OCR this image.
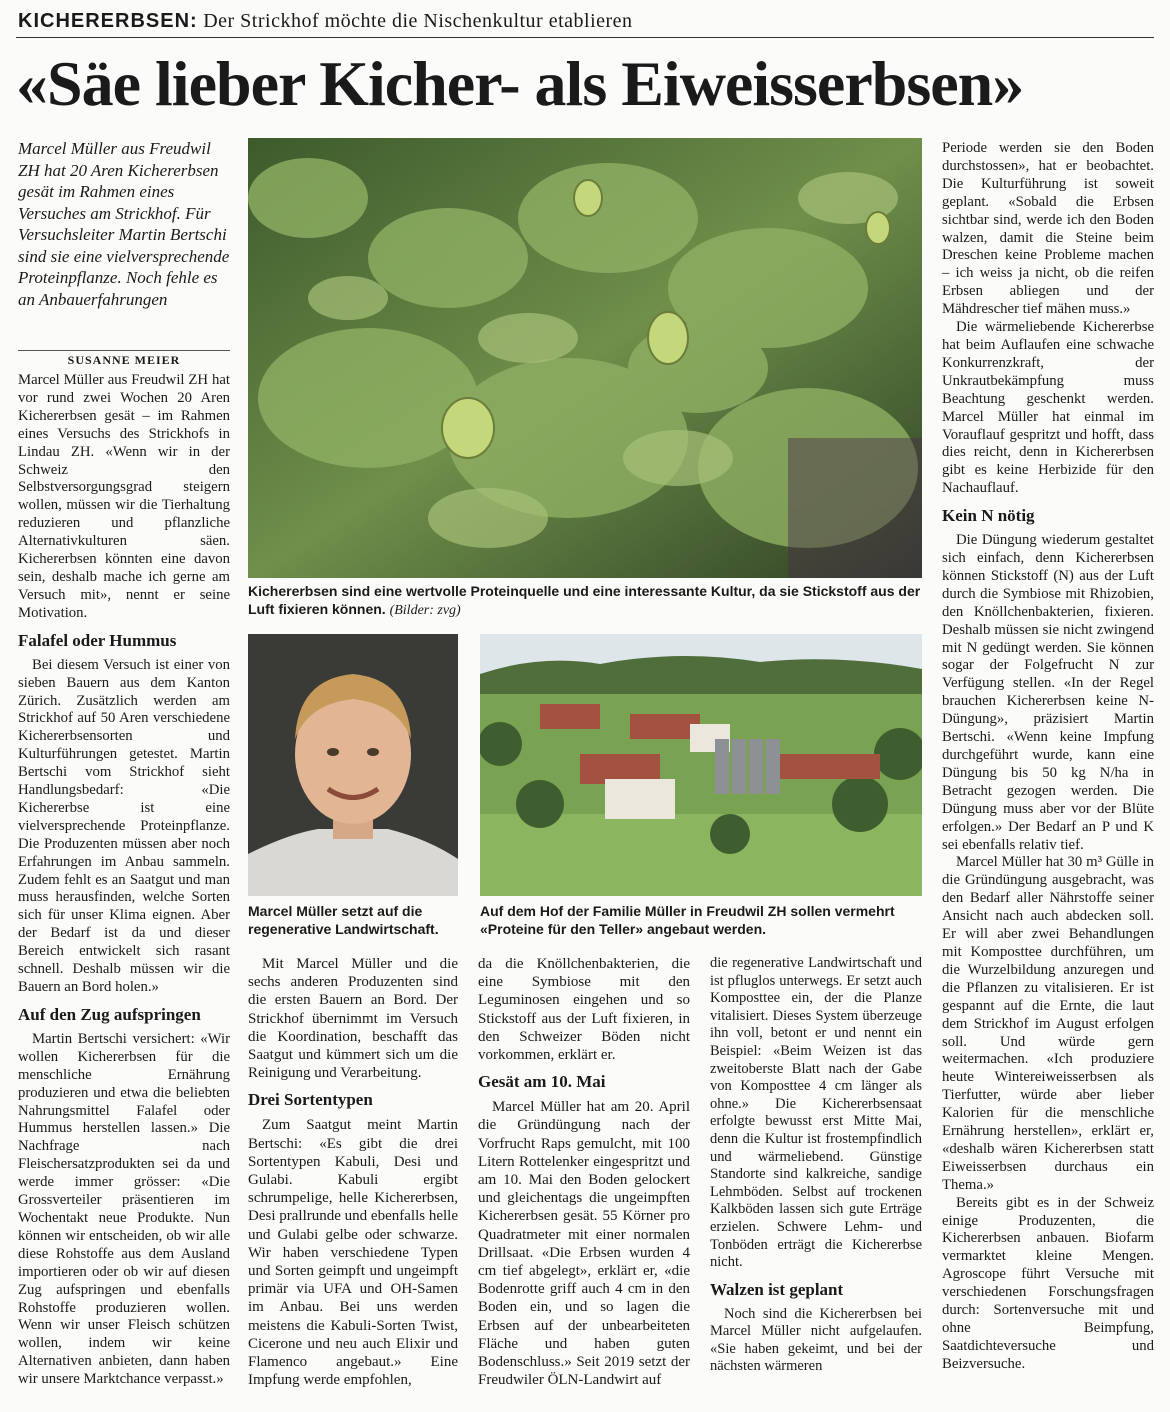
KICHERERBSEN: Der Strickhof möchte die Nischenkultur etablieren
«Säe lieber Kicher- als Eiweisserbsen»

Marcel Müller aus Freudwil ZH hat 20 Aren Kichererbsen gesät im Rahmen eines Versuches am Strickhof. Für Versuchsleiter Martin Bertschi sind sie eine vielversprechende Proteinpflanze. Noch fehle es an Anbauerfahrungen

SUSANNE MEIER
Kichererbsen sind eine wertvolle Proteinquelle und eine interessante Kultur, da sie Stickstoff aus der Luft fixieren können. (Bilder: zvg)
Marcel Müller setzt auf die regenerative Landwirtschaft.
Auf dem Hof der Familie Müller in Freudwil ZH sollen vermehrt «Proteine für den Teller» angebaut werden.

Marcel Müller aus Freudwil ZH hat vor rund zwei Wochen 20 Aren Kichererbsen gesät – im Rahmen eines Versuchs des Strickhofs in Lindau ZH. «Wenn wir in der Schweiz den Selbstversorgungsgrad steigern wollen, müssen wir die Tierhaltung reduzieren und pflanzliche Alternativkulturen säen. Kichererbsen könnten eine davon sein, deshalb mache ich gerne am Versuch mit», nennt er seine Motivation.

Falafel oder Hummus

Bei diesem Versuch ist einer von sieben Bauern aus dem Kanton Zürich. Zusätzlich werden am Strickhof auf 50 Aren verschiedene Kichererbsensorten und Kulturführungen getestet. Martin Bertschi vom Strickhof sieht Handlungsbedarf: «Die Kichererbse ist eine vielversprechende Proteinpflanze. Die Produzenten müssen aber noch Erfahrungen im Anbau sammeln. Zudem fehlt es an Saatgut und man muss herausfinden, welche Sorten sich für unser Klima eignen. Aber der Bedarf ist da und dieser Bereich entwickelt sich rasant schnell. Deshalb müssen wir die Bauern an Bord holen.»

Auf den Zug aufspringen

Martin Bertschi versichert: «Wir wollen Kichererbsen für die menschliche Ernährung produzieren und etwa die beliebten Nahrungsmittel Falafel oder Hummus herstellen lassen.» Die Nachfrage nach Fleischersatzprodukten sei da und werde immer grösser: «Die Grossverteiler präsentieren im Wochentakt neue Produkte. Nun können wir entscheiden, ob wir alle diese Rohstoffe aus dem Ausland importieren oder ob wir auf diesen Zug aufspringen und ebenfalls Rohstoffe produzieren wollen. Wenn wir unser Fleisch schützen wollen, indem wir keine Alternativen anbieten, dann haben wir unsere Marktchance verpasst.»

Mit Marcel Müller und die sechs anderen Produzenten sind die ersten Bauern an Bord. Der Strickhof übernimmt im Versuch die Koordination, beschafft das Saatgut und kümmert sich um die Reinigung und Verarbeitung.

Drei Sortentypen

Zum Saatgut meint Martin Bertschi: «Es gibt die drei Sortentypen Kabuli, Desi und Gulabi. Kabuli ergibt schrumpelige, helle Kichererbsen, Desi prallrunde und ebenfalls helle und Gulabi gelbe oder schwarze. Wir haben verschiedene Typen und Sorten geimpft und ungeimpft primär via UFA und OH-Samen im Anbau. Bei uns werden meistens die Kabuli-Sorten Twist, Cicerone und neu auch Elixir und Flamenco angebaut.» Eine Impfung werde empfohlen,

da die Knöllchenbakterien, die eine Symbiose mit den Leguminosen eingehen und so Stickstoff aus der Luft fixieren, in den Schweizer Böden nicht vorkommen, erklärt er.

Gesät am 10. Mai

Marcel Müller hat am 20. April die Gründüngung nach der Vorfrucht Raps gemulcht, mit 100 Litern Rottelenker eingespritzt und am 10. Mai den Boden gelockert und gleichentags die ungeimpften Kichererbsen gesät. 55 Körner pro Quadratmeter mit einer normalen Drillsaat. «Die Erbsen wurden 4 cm tief abgelegt», erklärt er, «die Bodenrotte griff auch 4 cm in den Boden ein, und so lagen die Erbsen auf der unbearbeiteten Fläche und haben guten Bodenschluss.» Seit 2019 setzt der Freudwiler ÖLN-Landwirt auf

die regenerative Landwirtschaft und ist pfluglos unterwegs. Er setzt auch Komposttee ein, der die Planze vitalisiert. Dieses System überzeuge ihn voll, betont er und nennt ein Beispiel: «Beim Weizen ist das zweitoberste Blatt nach der Gabe von Komposttee 4 cm länger als ohne.» Die Kichererbsensaat erfolgte bewusst erst Mitte Mai, denn die Kultur ist frostempfindlich und wärmeliebend. Günstige Standorte sind kalkreiche, sandige Lehmböden. Selbst auf trockenen Kalkböden lassen sich gute Erträge erzielen. Schwere Lehm- und Tonböden erträgt die Kichererbse nicht.

Walzen ist geplant

Noch sind die Kichererbsen bei Marcel Müller nicht aufgelaufen. «Sie haben gekeimt, und bei der nächsten wärmeren

Periode werden sie den Boden durchstossen», hat er beobachtet. Die Kulturführung ist soweit geplant. «Sobald die Erbsen sichtbar sind, werde ich den Boden walzen, damit die Steine beim Dreschen keine Probleme machen – ich weiss ja nicht, ob die reifen Erbsen abliegen und der Mähdrescher tief mähen muss.»

Die wärmeliebende Kichererbse hat beim Auflaufen eine schwache Konkurrenzkraft, der Unkrautbekämpfung muss Beachtung geschenkt werden. Marcel Müller hat einmal im Vorauflauf gespritzt und hofft, dass dies reicht, denn in Kichererbsen gibt es keine Herbizide für den Nachauflauf.

Kein N nötig

Die Düngung wiederum gestaltet sich einfach, denn Kichererbsen können Stickstoff (N) aus der Luft durch die Symbiose mit Rhizobien, den Knöllchenbakterien, fixieren. Deshalb müssen sie nicht zwingend mit N gedüngt werden. Sie können sogar der Folgefrucht N zur Verfügung stellen. «In der Regel brauchen Kichererbsen keine N-Düngung», präzisiert Martin Bertschi. «Wenn keine Impfung durchgeführt wurde, kann eine Düngung bis 50 kg N/ha in Betracht gezogen werden. Die Düngung muss aber vor der Blüte erfolgen.» Der Bedarf an P und K sei ebenfalls relativ tief.

Marcel Müller hat 30 m³ Gülle in die Gründüngung ausgebracht, was den Bedarf aller Nährstoffe seiner Ansicht nach auch abdecken soll. Er will aber zwei Behandlungen mit Komposttee durchführen, um die Wurzelbildung anzuregen und die Pflanzen zu vitalisieren. Er ist gespannt auf die Ernte, die laut dem Strickhof im August erfolgen soll. Und würde gern weitermachen. «Ich produziere heute Wintereiweisserbsen als Tierfutter, würde aber lieber Kalorien für die menschliche Ernährung herstellen», erklärt er, «deshalb wären Kichererbsen statt Eiweisserbsen durchaus ein Thema.»

Bereits gibt es in der Schweiz einige Produzenten, die Kichererbsen anbauen. Biofarm vermarktet kleine Mengen. Agroscope führt Versuche mit verschiedenen Forschungsfragen durch: Sortenversuche mit und ohne Beimpfung, Saatdichteversuche und Beizversuche.
